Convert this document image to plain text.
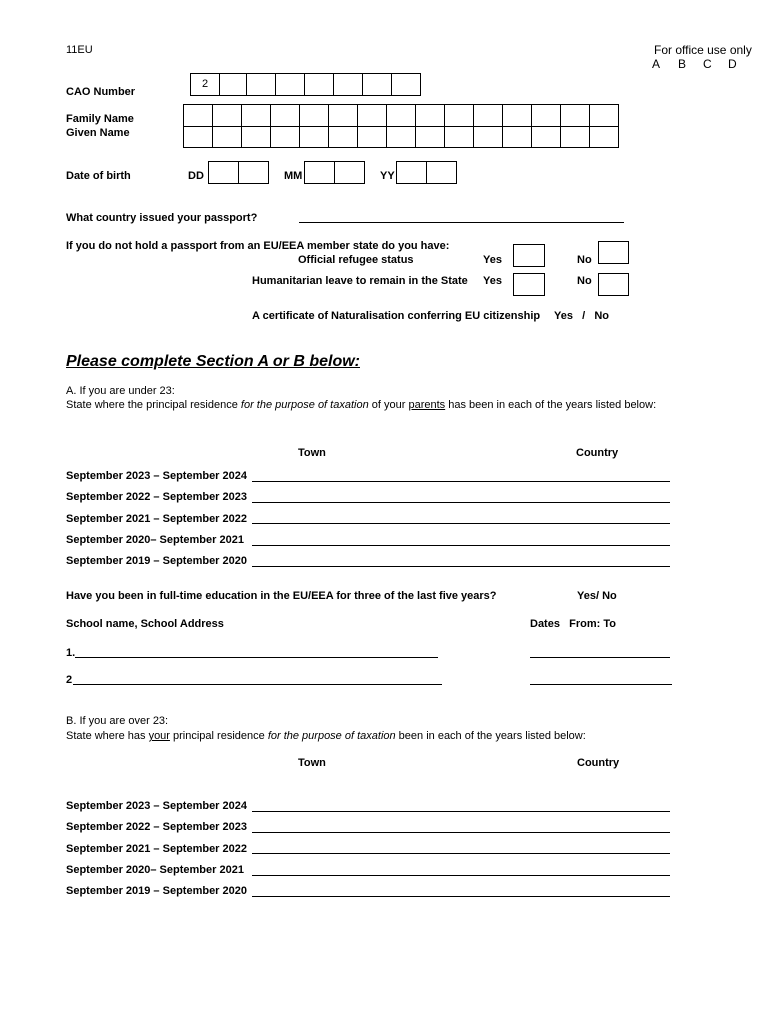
11EU	For office use only
A B C D
CAO Number
2
Family Name
Given Name
Date of birth	DD	MM	YY
What country issued your passport?
If you do not hold a passport from an EU/EEA member state do you have:
Official refugee status	Yes	No
Humanitarian leave to remain in the State Yes	No
A certificate of Naturalisation conferring EU citizenship Yes   /   No
Please complete Section A or B below:
A. If you are under 23:
State where the principal residence for the purpose of taxation of your parents has been in each of the years listed below:
Town	Country
September 2023 – September 2024
September 2022 – September 2023
September 2021 – September 2022
September 2020– September 2021
September 2019 – September 2020
Have you been in full-time education in the EU/EEA for three of the last five years?	Yes/ No
School name, School Address	Dates   From: To
1.
2
B. If you are over 23:
State where has your principal residence for the purpose of taxation been in each of the years listed below:
Town	Country
September 2023 – September 2024
September 2022 – September 2023
September 2021 – September 2022
September 2020– September 2021
September 2019 – September 2020
